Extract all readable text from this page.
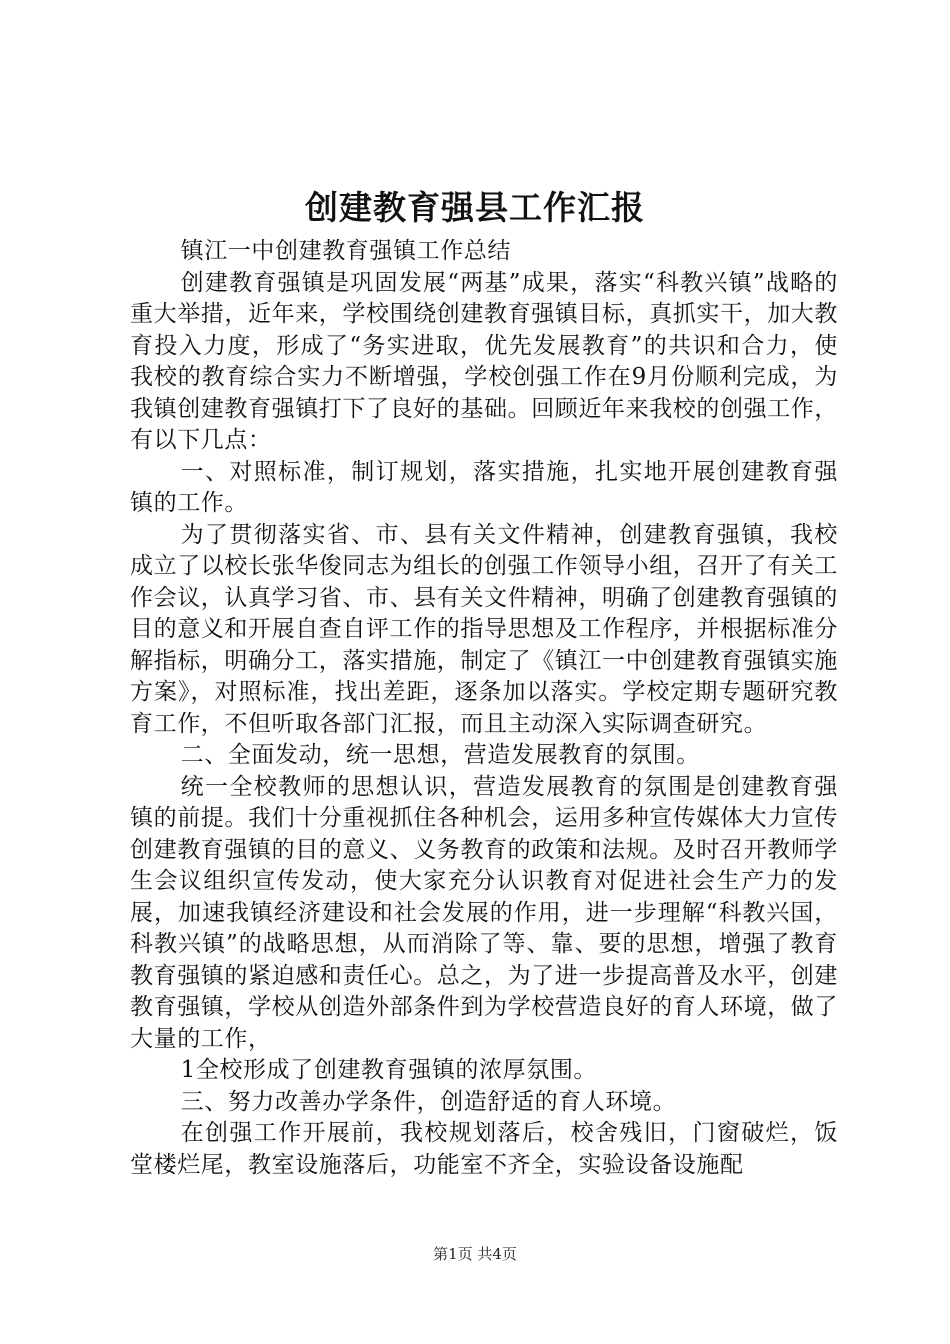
创建教育强县工作汇报

镇江一中创建教育强镇工作总结

创建教育强镇是巩固发展“两基”成果，落实“科教兴镇”战略的重大举措，近年来，学校围绕创建教育强镇目标，真抓实干，加大教育投入力度，形成了“务实进取，优先发展教育”的共识和合力，使我校的教育综合实力不断增强，学校创强工作在9月份顺利完成，为我镇创建教育强镇打下了良好的基础。回顾近年来我校的创强工作，有以下几点：

一、对照标准，制订规划，落实措施，扎实地开展创建教育强镇的工作。

为了贯彻落实省、市、县有关文件精神，创建教育强镇，我校成立了以校长张华俊同志为组长的创强工作领导小组，召开了有关工作会议，认真学习省、市、县有关文件精神，明确了创建教育强镇的目的意义和开展自查自评工作的指导思想及工作程序，并根据标准分解指标，明确分工，落实措施，制定了《镇江一中创建教育强镇实施方案》，对照标准，找出差距，逐条加以落实。学校定期专题研究教育工作，不但听取各部门汇报，而且主动深入实际调查研究。

二、全面发动，统一思想，营造发展教育的氛围。

统一全校教师的思想认识，营造发展教育的氛围是创建教育强镇的前提。我们十分重视抓住各种机会，运用多种宣传媒体大力宣传创建教育强镇的目的意义、义务教育的政策和法规。及时召开教师学生会议组织宣传发动，使大家充分认识教育对促进社会生产力的发展，加速我镇经济建设和社会发展的作用，进一步理解“科教兴国，科教兴镇”的战略思想，从而消除了等、靠、要的思想，增强了教育教育强镇的紧迫感和责任心。总之，为了进一步提高普及水平，创建教育强镇，学校从创造外部条件到为学校营造良好的育人环境，做了大量的工作，

1全校形成了创建教育强镇的浓厚氛围。

三、努力改善办学条件，创造舒适的育人环境。

在创强工作开展前，我校规划落后，校舍残旧，门窗破烂，饭堂楼烂尾，教室设施落后，功能室不齐全，实验设备设施配

第1页 共4页
